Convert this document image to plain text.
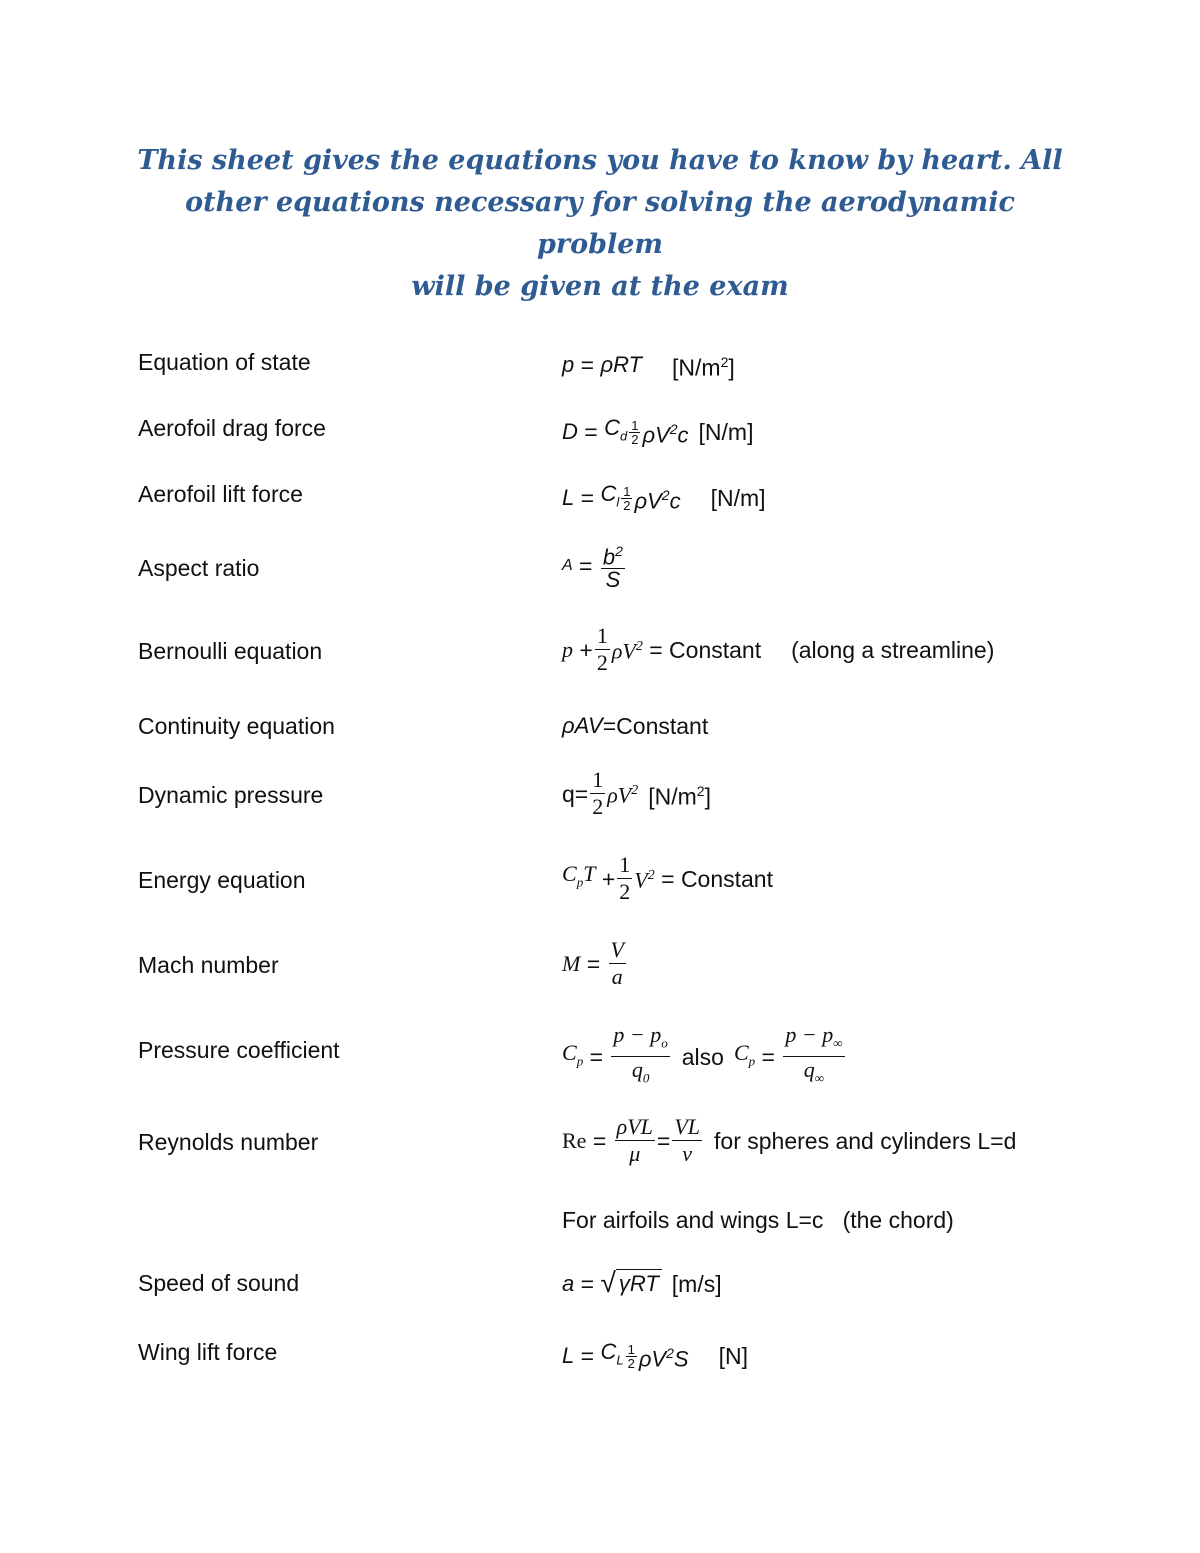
This sheet gives the equations you have to know by heart. All
other equations necessary for solving the aerodynamic problem
will be given at the exam
Equation of state	p = ρRT $[N/m^2]$
Aerofoil drag force	$D = C_d \frac{1}{2} \rho V^2c$ [N/m]
Aerofoil lift force	$L = C_l \frac{1}{2} \rho V^2c$ [N/m]
Aspect ratio	$A = \frac{b^2}{S}$
Bernoulli equation	$p + \frac{1}{2} \rho V^2$ = Constant (along a streamline)
Continuity equation	ρAV =Constant
Dynamic pressure	$q= \frac{1}{2} \rho V^2$ $[N/m^2]$
Energy equation	$C_pT + \frac{1}{2} V^2$ = Constant
Mach number	$M = \frac{V}{a}$
Pressure coefficient	$C_p = \frac{p - p_o}{q_0}$ also $C_p = \frac{p - p_\infty}{q_\infty}$
Reynolds number	$Re = \frac{\text{ρVL}}{\mu} = \frac{VL}{\nu}$ for spheres and cylinders L=d
For airfoils and wings L=c   (the chord)
Speed of sound	a = √ γRT [m/s]
Wing lift force	$L = C_L \frac{1}{2} \rho V^2S$ [N]
